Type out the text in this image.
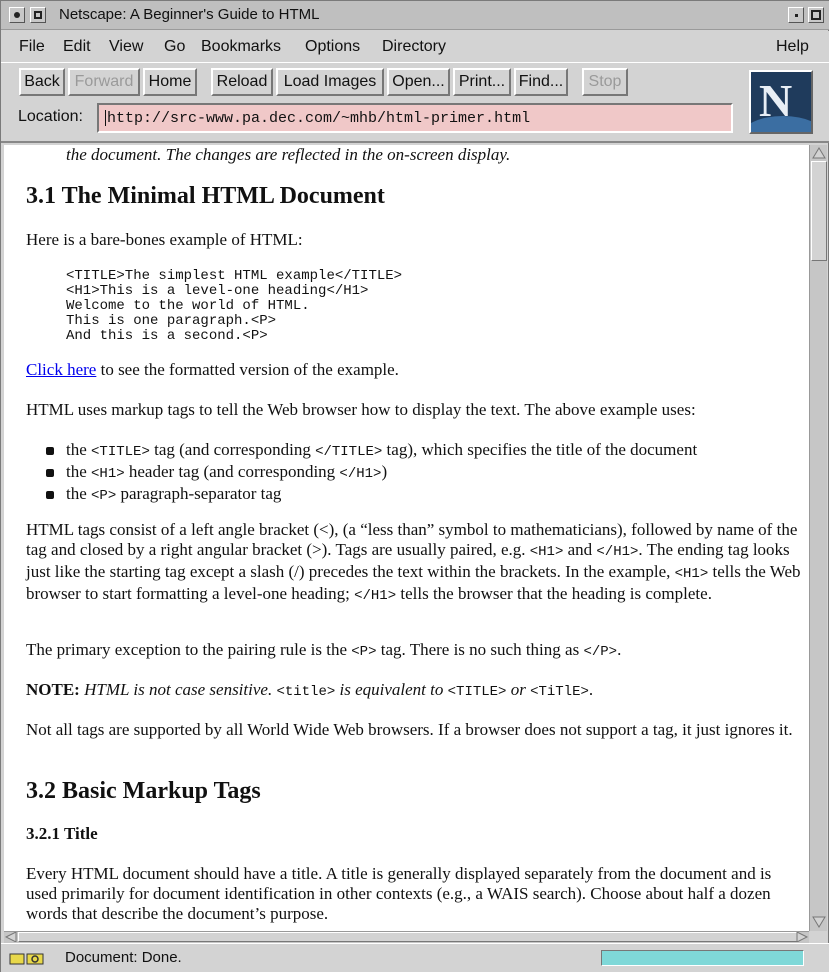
Netscape: A Beginner's Guide to HTML
File Edit View Go Bookmarks Options Directory	Help
Back Forward Home	Reload	Load Images	Open... Print... Find...	Stop
Location:	http://src-www.pa.dec.com/~mhb/html-primer.html	N
the document. The changes are reflected in the on-screen display.
3.1 The Minimal HTML Document
Here is a bare-bones example of HTML:
<TITLE>The simplest HTML example</TITLE>
<H1>This is a level-one heading</H1>
Welcome to the world of HTML.
This is one paragraph.<P>
And this is a second.<P>
Click here to see the formatted version of the example.
HTML uses markup tags to tell the Web browser how to display the text. The above example uses:
the <TITLE> tag (and corresponding </TITLE> tag), which specifies the title of the document
the <H1> header tag (and corresponding </H1>)
the <P> paragraph-separator tag
HTML tags consist of a left angle bracket (<), (a “less than” symbol to mathematicians), followed by name of the tag and closed by a right angular bracket (>). Tags are usually paired, e.g. <H1> and </H1>. The ending tag looks just like the starting tag except a slash (/) precedes the text within the brackets. In the example, <H1> tells the Web browser to start formatting a level-one heading; </H1> tells the browser that the heading is complete.
The primary exception to the pairing rule is the <P> tag. There is no such thing as </P>.
NOTE: HTML is not case sensitive. <title> is equivalent to <TITLE> or <TiTlE>.
Not all tags are supported by all World Wide Web browsers. If a browser does not support a tag, it just ignores it.
3.2 Basic Markup Tags
3.2.1 Title
Every HTML document should have a title. A title is generally displayed separately from the document and is used primarily for document identification in other contexts (e.g., a WAIS search). Choose about half a dozen words that describe the document’s purpose.
Document: Done.
